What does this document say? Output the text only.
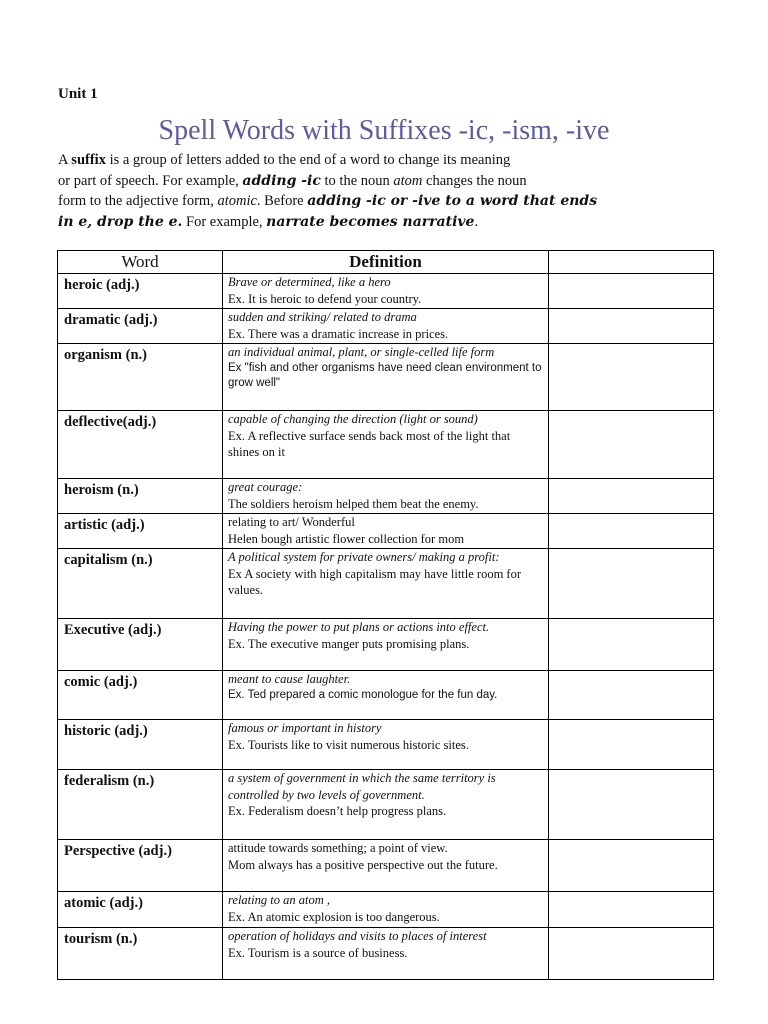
Unit 1
Spell Words with Suffixes -ic, -ism, -ive
A suffix is a group of letters added to the end of a word to change its meaning
or part of speech. For example, adding -ic to the noun atom changes the noun
form to the adjective form, atomic. Before adding -ic or -ive to a word that ends
in e, drop the e. For example, narrate becomes narrative.
Word	Definition	
heroic (adj.)	Brave or determined, like a hero
Ex. It is heroic to defend your country.	

dramatic (adj.)	sudden and striking/ related to drama
Ex. There was a dramatic increase in prices.	

organism (n.)	an individual animal, plant, or single-celled life form
Ex "fish and other organisms have need clean environment to grow well"	

deflective(adj.)	capable of changing the direction (light or sound)
Ex. A reflective surface sends back most of the light that shines on it	

heroism (n.)	great courage:
The soldiers heroism helped them beat the enemy.	

artistic (adj.)	relating to art/ Wonderful
Helen bough artistic flower collection for mom	

capitalism (n.)	A political system for private owners/ making a profit:
Ex A society with high capitalism may have little room for values.	

Executive (adj.)	Having the power to put plans or actions into effect.
Ex. The executive manger puts promising plans.	

comic (adj.)	meant to cause laughter.
Ex. Ted prepared a comic monologue for the fun day.	

historic (adj.)	famous or important in history
Ex. Tourists like to visit numerous historic sites.	

federalism (n.)	a system of government in which the same territory is controlled by two levels of government.
Ex. Federalism doesn’t help progress plans.	

Perspective (adj.)	attitude towards something; a point of view.
Mom always has a positive perspective out the future.	

atomic (adj.)	relating to an atom ,
Ex. An atomic explosion is too dangerous.	

tourism (n.)	operation of holidays and visits to places of interest
Ex. Tourism is a source of business.	
